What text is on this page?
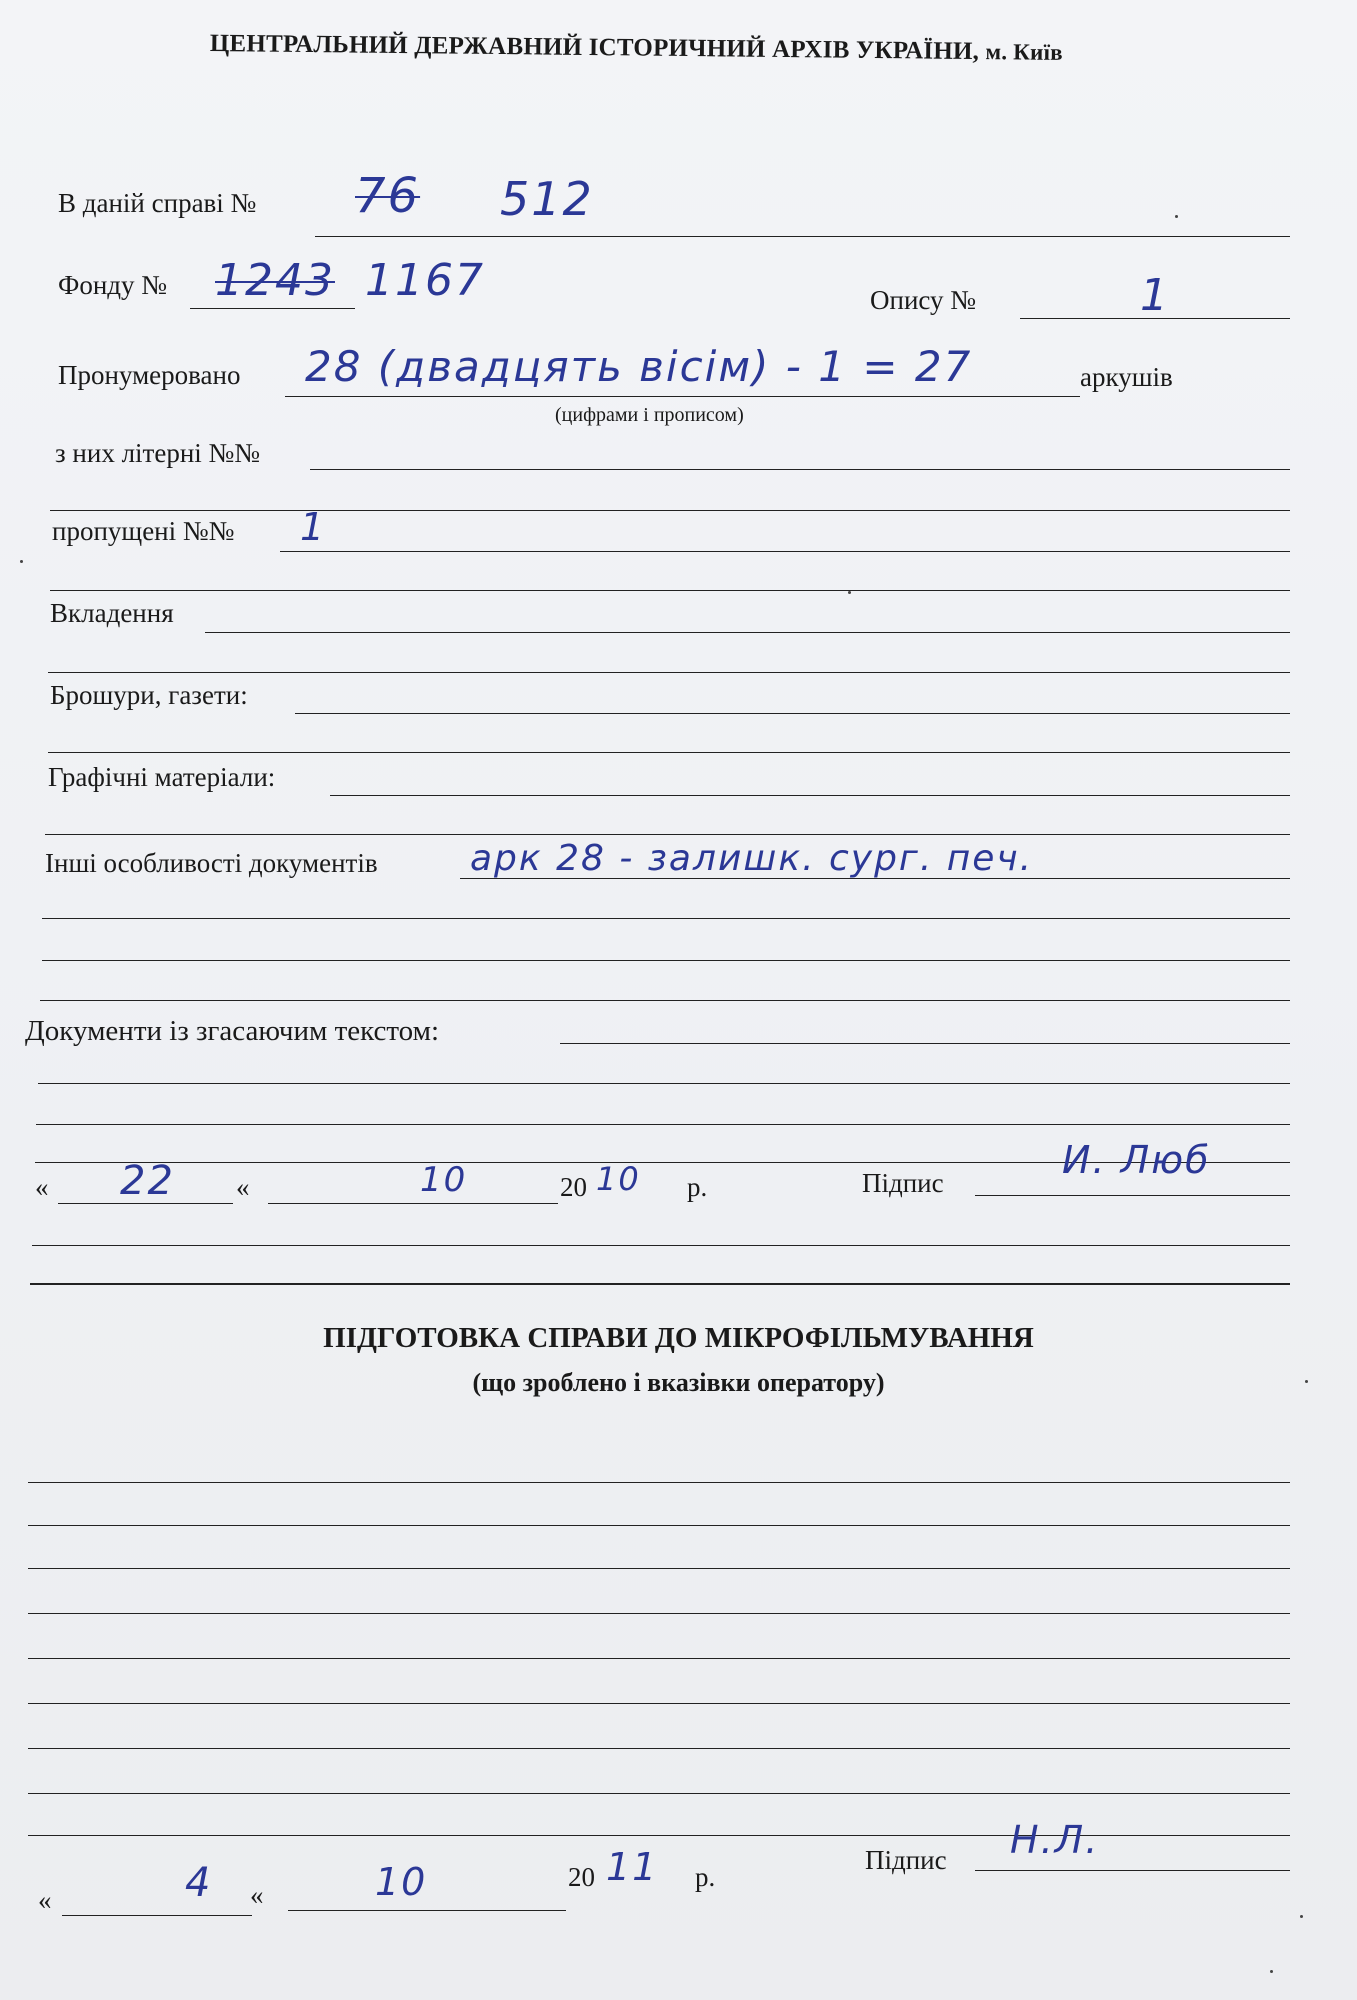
ЦЕНТРАЛЬНИЙ ДЕРЖАВНИЙ ІСТОРИЧНИЙ АРХІВ УКРАЇНИ, м. Київ
В даній справі № 76 512
Фонду № 1243 1167	Опису №	1
Пронумеровано 28 (двадцять вісім) - 1 = 27	аркушів
(цифрами і прописом)
з них літерні №№
пропущені №№ 1
Вкладення
Брошури, газети:
Графічні матеріали:
Інші особливості документів	арк 28 - залишк. сург. печ.
Документи із згасаючим текстом:
« 22 «	10	20 10 р.	Підпис
И. Люб
ПІДГОТОВКА СПРАВИ ДО МІКРОФІЛЬМУВАННЯ
(що зроблено і вказівки оператору)
«	4 «	10	20 11 р.
Підпис Н.Л.
